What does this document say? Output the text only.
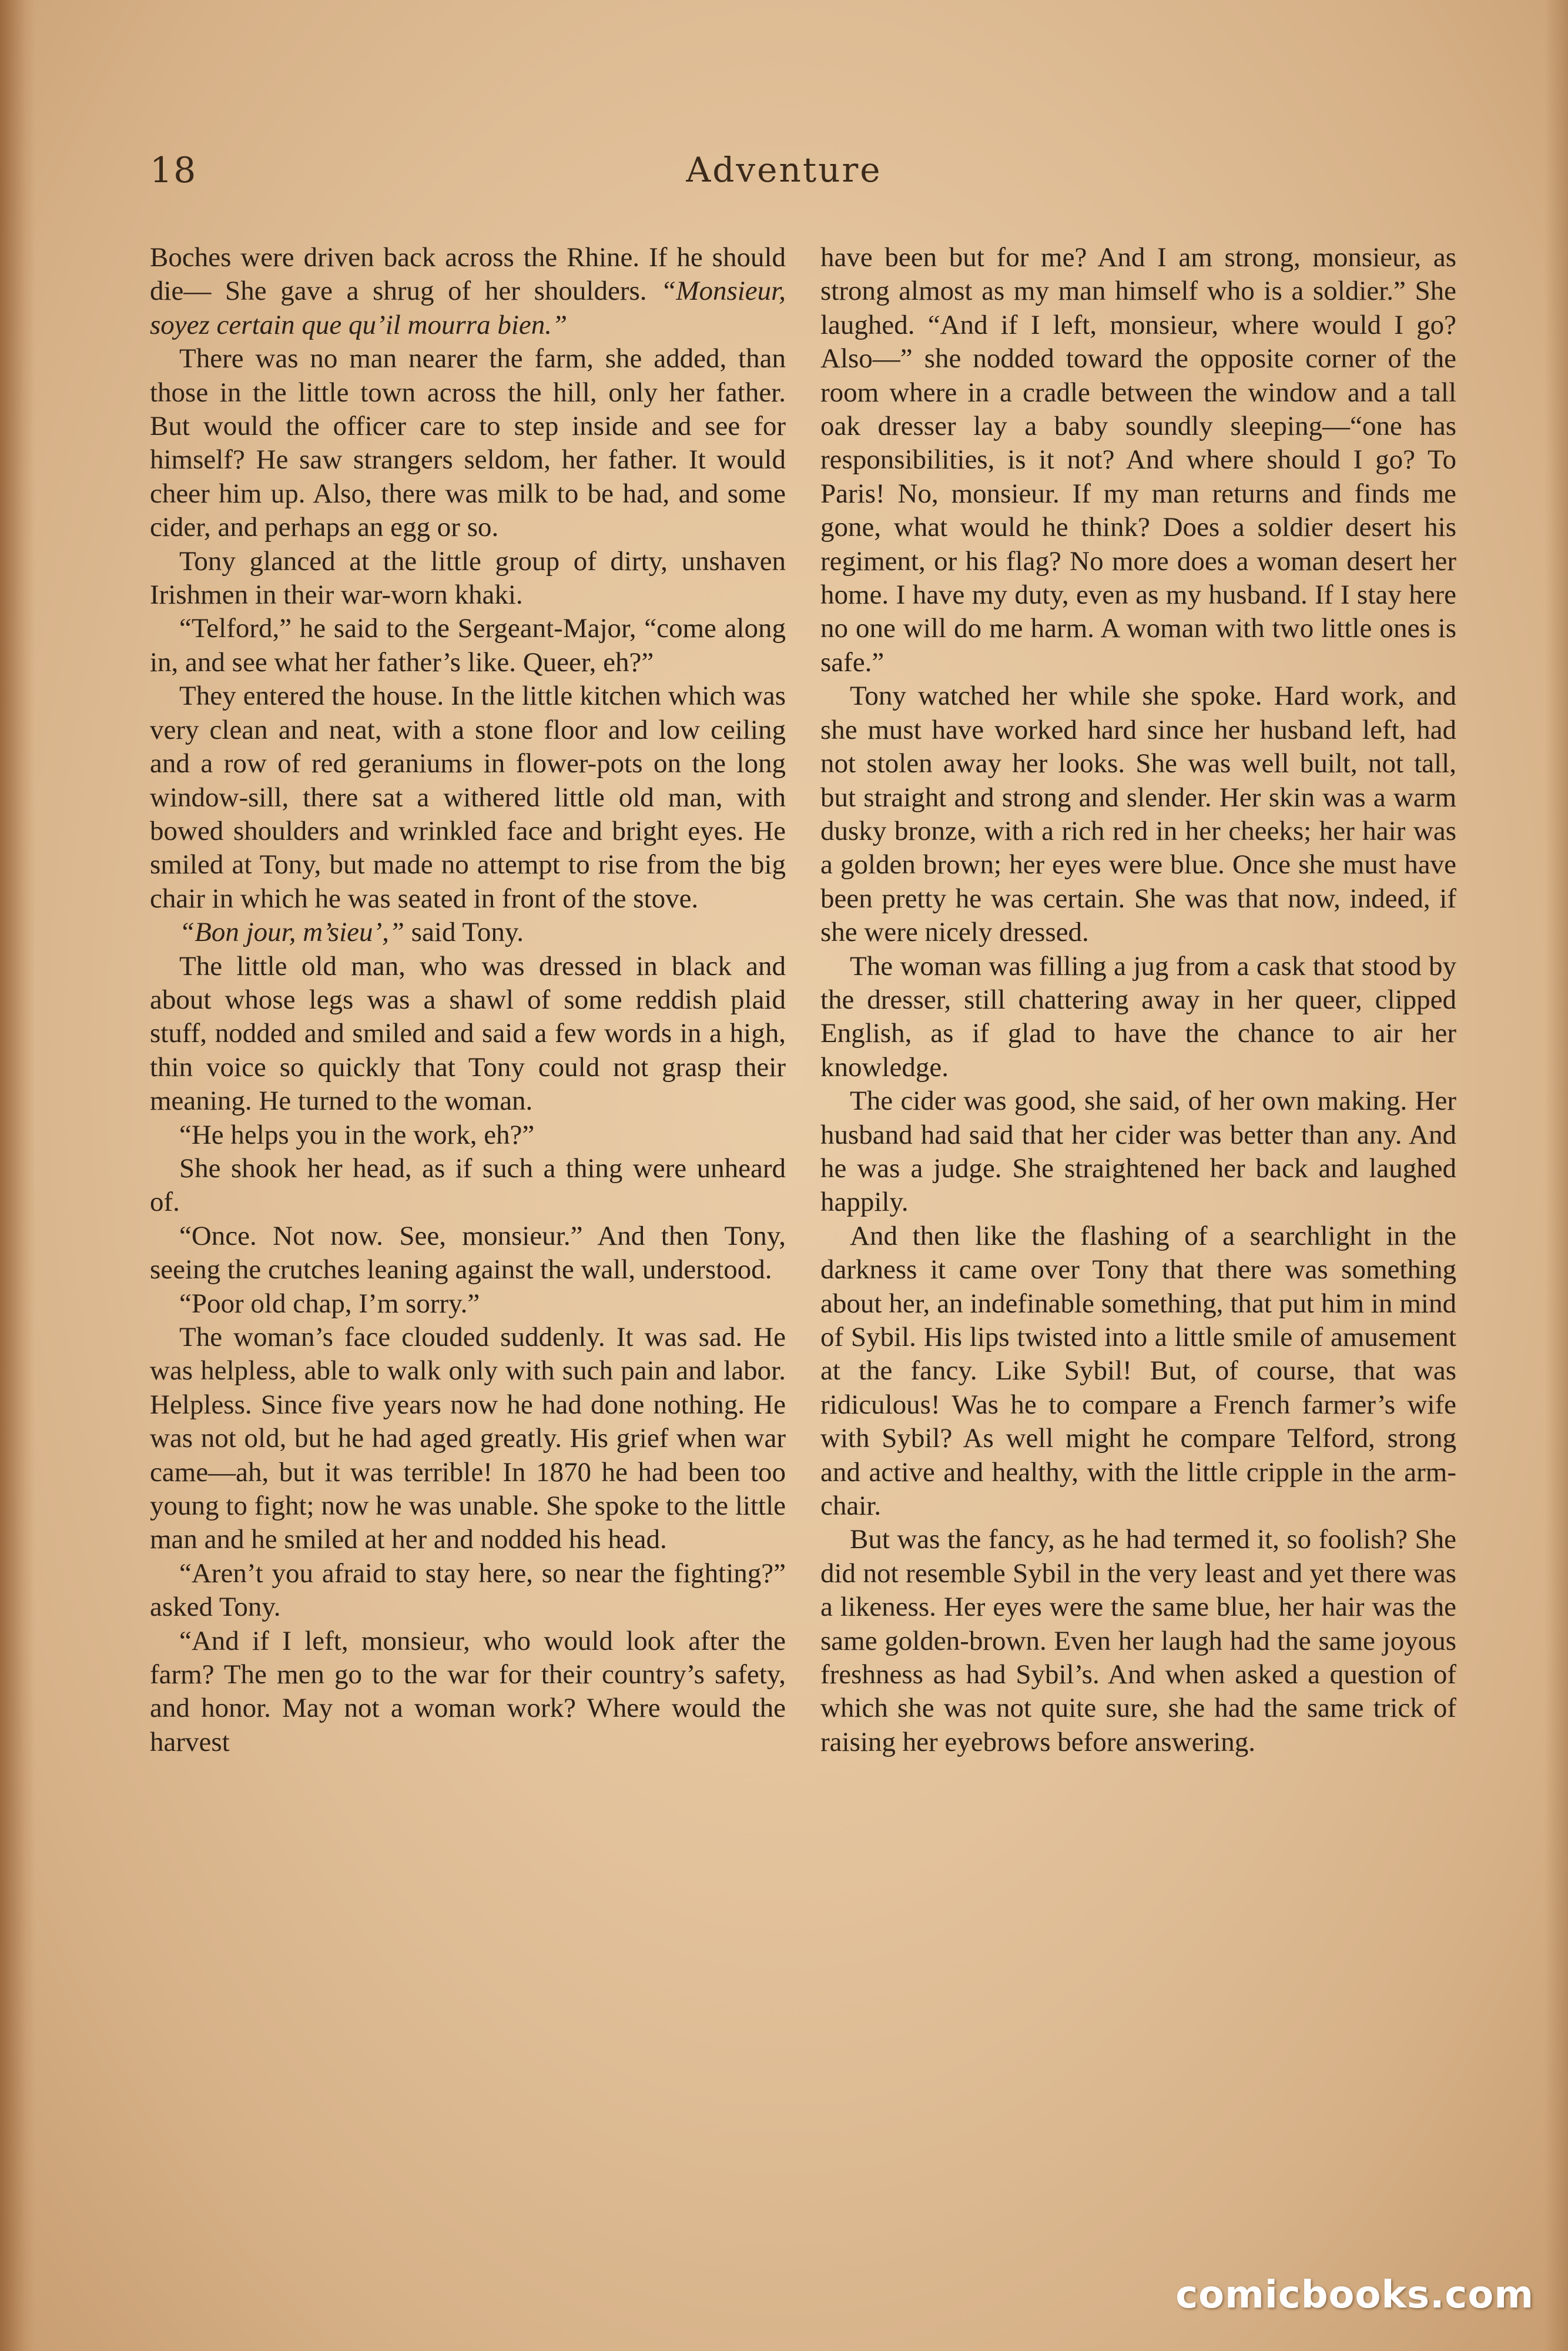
18	Adventure

Boches were driven back across the Rhine. If he should die— She gave a shrug of her shoulders. “Monsieur, soyez certain que qu’il mourra bien.”

There was no man nearer the farm, she added, than those in the little town across the hill, only her father. But would the officer care to step inside and see for himself? He saw strangers seldom, her father. It would cheer him up. Also, there was milk to be had, and some cider, and perhaps an egg or so.

Tony glanced at the little group of dirty, unshaven Irishmen in their war-worn khaki.

“Telford,” he said to the Sergeant-Major, “come along in, and see what her father’s like. Queer, eh?”

They entered the house. In the little kitchen which was very clean and neat, with a stone floor and low ceiling and a row of red geraniums in flower-pots on the long window-sill, there sat a withered little old man, with bowed shoulders and wrinkled face and bright eyes. He smiled at Tony, but made no attempt to rise from the big chair in which he was seated in front of the stove.

“Bon jour, m’sieu’,” said Tony.

The little old man, who was dressed in black and about whose legs was a shawl of some reddish plaid stuff, nodded and smiled and said a few words in a high, thin voice so quickly that Tony could not grasp their meaning. He turned to the woman.

“He helps you in the work, eh?”

She shook her head, as if such a thing were unheard of.

“Once. Not now. See, monsieur.” And then Tony, seeing the crutches leaning against the wall, understood.

“Poor old chap, I’m sorry.”

The woman’s face clouded suddenly. It was sad. He was helpless, able to walk only with such pain and labor. Helpless. Since five years now he had done nothing. He was not old, but he had aged greatly. His grief when war came—ah, but it was terrible! In 1870 he had been too young to fight; now he was unable. She spoke to the little man and he smiled at her and nodded his head.

“Aren’t you afraid to stay here, so near the fighting?” asked Tony.

“And if I left, monsieur, who would look after the farm? The men go to the war for their country’s safety, and honor. May not a woman work? Where would the harvest

have been but for me? And I am strong, monsieur, as strong almost as my man himself who is a soldier.” She laughed. “And if I left, monsieur, where would I go? Also—” she nodded toward the opposite corner of the room where in a cradle between the window and a tall oak dresser lay a baby soundly sleeping—“one has responsibilities, is it not? And where should I go? To Paris! No, monsieur. If my man returns and finds me gone, what would he think? Does a soldier desert his regiment, or his flag? No more does a woman desert her home. I have my duty, even as my husband. If I stay here no one will do me harm. A woman with two little ones is safe.”

Tony watched her while she spoke. Hard work, and she must have worked hard since her husband left, had not stolen away her looks. She was well built, not tall, but straight and strong and slender. Her skin was a warm dusky bronze, with a rich red in her cheeks; her hair was a golden brown; her eyes were blue. Once she must have been pretty he was certain. She was that now, indeed, if she were nicely dressed.

The woman was filling a jug from a cask that stood by the dresser, still chattering away in her queer, clipped English, as if glad to have the chance to air her knowledge.

The cider was good, she said, of her own making. Her husband had said that her cider was better than any. And he was a judge. She straightened her back and laughed happily.

And then like the flashing of a searchlight in the darkness it came over Tony that there was something about her, an indefinable something, that put him in mind of Sybil. His lips twisted into a little smile of amusement at the fancy. Like Sybil! But, of course, that was ridiculous! Was he to compare a French farmer’s wife with Sybil? As well might he compare Telford, strong and active and healthy, with the little cripple in the arm-chair.

But was the fancy, as he had termed it, so foolish? She did not resemble Sybil in the very least and yet there was a likeness. Her eyes were the same blue, her hair was the same golden-brown. Even her laugh had the same joyous freshness as had Sybil’s. And when asked a question of which she was not quite sure, she had the same trick of raising her eyebrows before answering.

comicbooks.com
